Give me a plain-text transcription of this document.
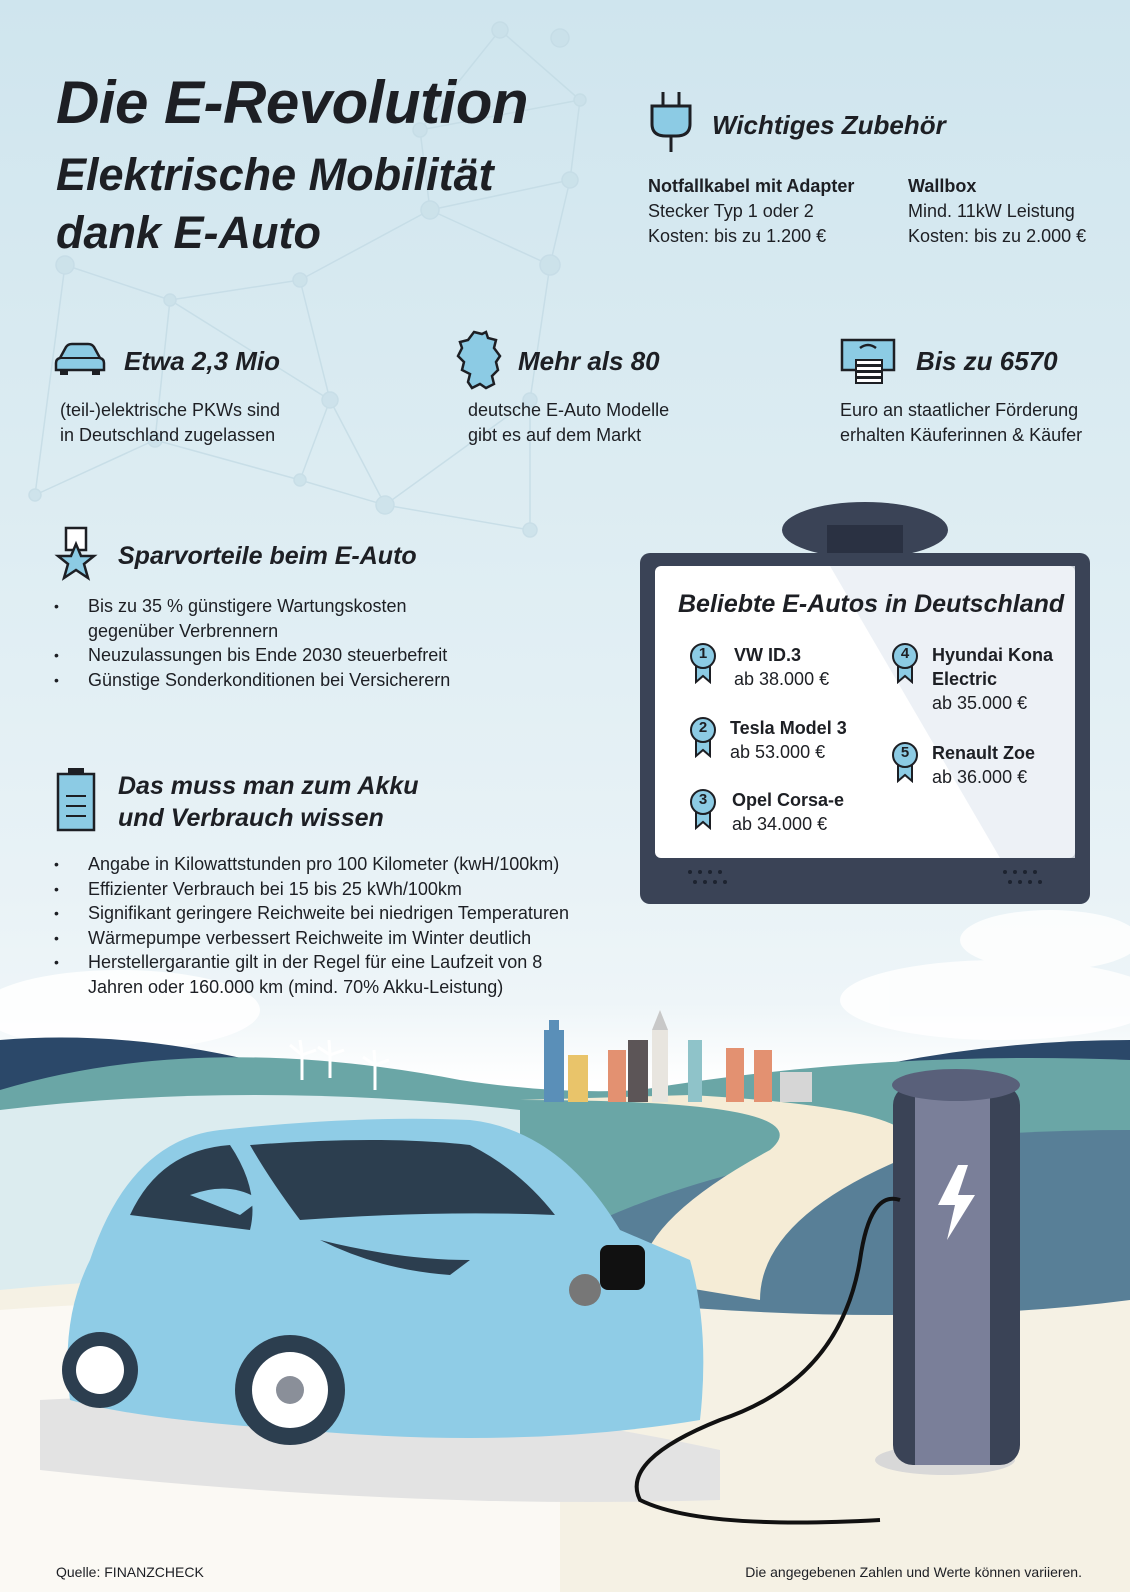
Die E-Revolution
Elektrische Mobilität
dank E-Auto
Wichtiges Zubehör
Notfallkabel mit Adapter
Stecker Typ 1 oder 2
Kosten: bis zu 1.200 €
Wallbox
Mind. 11kW Leistung
Kosten: bis zu 2.000 €
Etwa 2,3 Mio
(teil-)elektrische PKWs sind
in Deutschland zugelassen
Mehr als 80
deutsche E-Auto Modelle
gibt es auf dem Markt
Bis zu 6570
Euro an staatlicher Förderung
erhalten Käuferinnen & Käufer
Sparvorteile beim E-Auto
• Bis zu 35 % günstigere Wartungskosten gegenüber Verbrennern
• Neuzulassungen bis Ende 2030 steuerbefreit
• Günstige Sonderkonditionen bei Versicherern
Das muss man zum Akku
und Verbrauch wissen
• Angabe in Kilowattstunden pro 100 Kilometer (kwH/100km)
• Effizienter Verbrauch bei 15 bis 25 kWh/100km
• Signifikant geringere Reichweite bei niedrigen Temperaturen
• Wärmepumpe verbessert Reichweite im Winter deutlich
• Herstellergarantie gilt in der Regel für eine Laufzeit von 8 Jahren oder 160.000 km (mind. 70% Akku-Leistung)
Beliebte E-Autos in Deutschland
1	VW ID.3
ab 38.000 €
2	Tesla Model 3
ab 53.000 €
3	Opel Corsa-e
ab 34.000 €
4	Hyundai Kona
Electric
ab 35.000 €
5	Renault Zoe
ab 36.000 €
Quelle: FINANZCHECK	Die angegebenen Zahlen und Werte können variieren.
